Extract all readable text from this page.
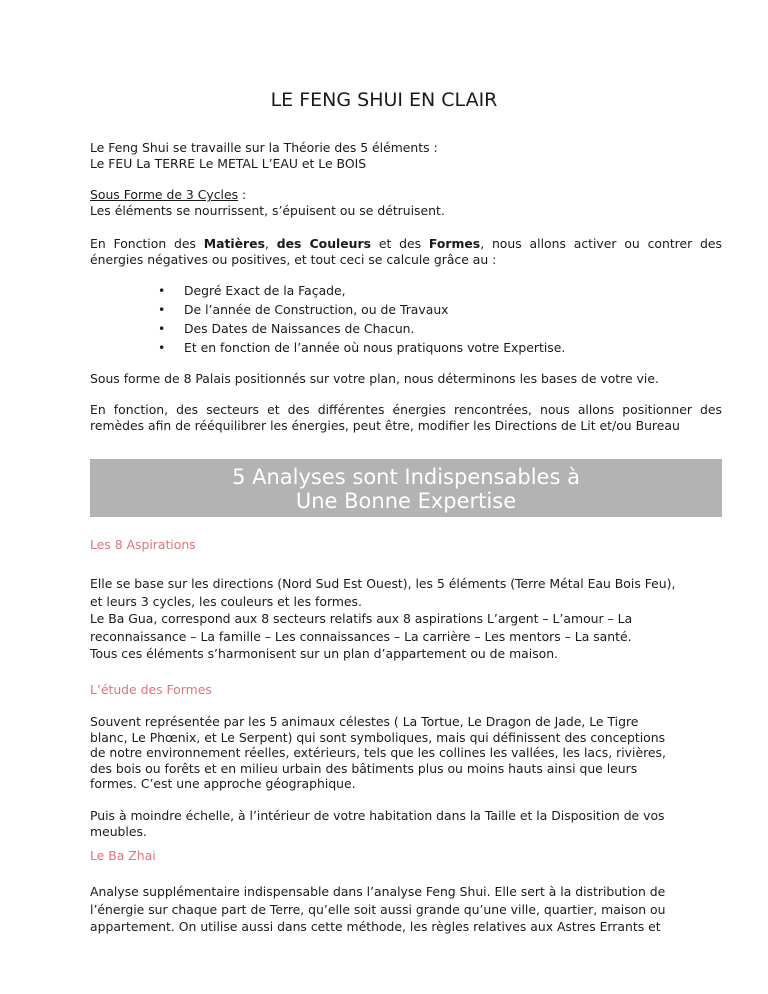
LE FENG SHUI EN CLAIR

Le Feng Shui se travaille sur la Théorie des 5 éléments :

Le FEU La TERRE Le METAL L’EAU et Le BOIS

Sous Forme de 3 Cycles :

Les éléments se nourrissent, s’épuisent ou se détruisent.

En Fonction des Matières, des Couleurs et des Formes, nous allons activer ou contrer des énergies négatives ou positives, et tout ceci se calcule grâce au :

• Degré Exact de la Façade,
• De l’année de Construction, ou de Travaux
• Des Dates de Naissances de Chacun.
• Et en fonction de l’année où nous pratiquons votre Expertise.

Sous forme de 8 Palais positionnés sur votre plan, nous déterminons les bases de votre vie.

En fonction, des secteurs et des différentes énergies rencontrées, nous allons positionner des remèdes afin de rééquilibrer les énergies, peut être, modifier les Directions de Lit et/ou Bureau

5 Analyses sont Indispensables à
Une Bonne Expertise

Les 8 Aspirations

Elle se base sur les directions (Nord Sud Est Ouest), les 5 éléments (Terre Métal Eau Bois Feu),

et leurs 3 cycles, les couleurs et les formes.

Le Ba Gua, correspond aux 8 secteurs relatifs aux 8 aspirations L’argent – L’amour – La

reconnaissance – La famille – Les connaissances – La carrière – Les mentors – La santé.

Tous ces éléments s’harmonisent sur un plan d’appartement ou de maison.

L’étude des Formes

Souvent représentée par les 5 animaux célestes ( La Tortue, Le Dragon de Jade, Le Tigre

blanc, Le Phœnix, et Le Serpent) qui sont symboliques, mais qui définissent des conceptions

de notre environnement réelles, extérieurs, tels que les collines les vallées, les lacs, rivières,

des bois ou forêts et en milieu urbain des bâtiments plus ou moins hauts ainsi que leurs

formes. C’est une approche géographique.

Puis à moindre échelle, à l’intérieur de votre habitation dans la Taille et la Disposition de vos

meubles.

Le Ba Zhai

Analyse supplémentaire indispensable dans l’analyse Feng Shui. Elle sert à la distribution de

l’énergie sur chaque part de Terre, qu’elle soit aussi grande qu’une ville, quartier, maison ou

appartement. On utilise aussi dans cette méthode, les règles relatives aux Astres Errants et
